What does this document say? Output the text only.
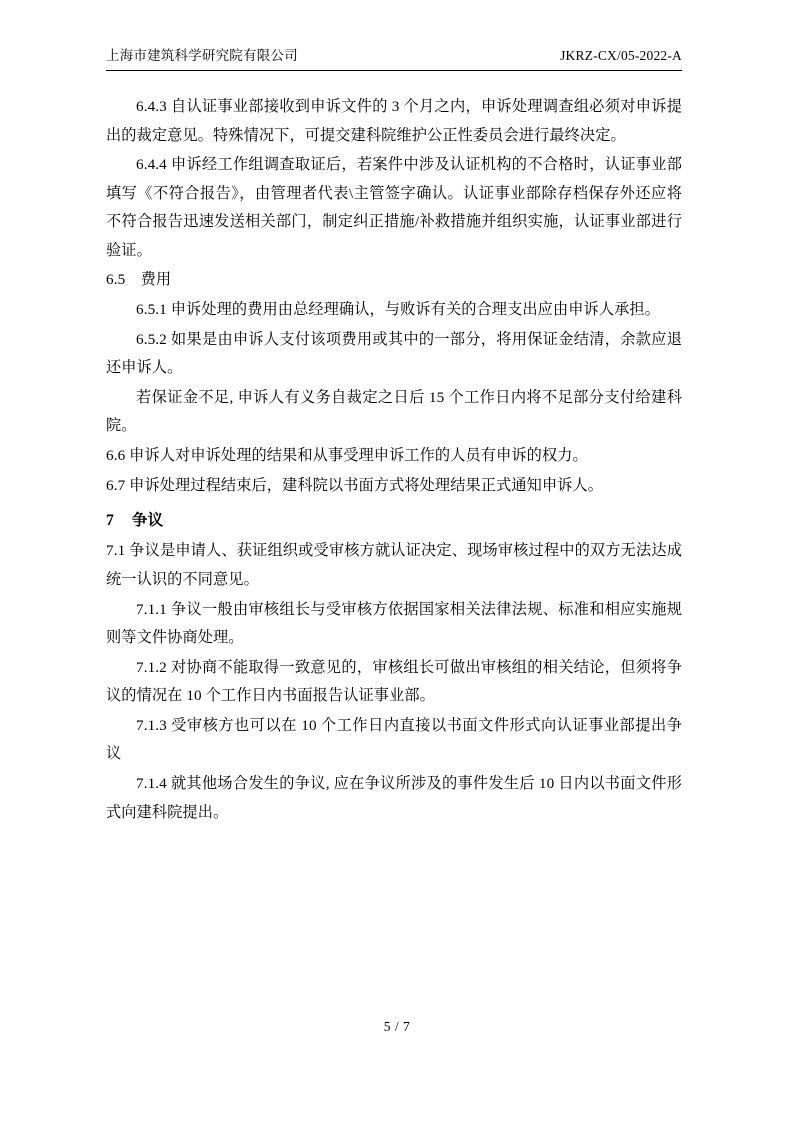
上海市建筑科学研究院有限公司	JKRZ-CX/05-2022-A

6.4.3 自认证事业部接收到申诉文件的 3 个月之内，申诉处理调查组必须对申诉提出的裁定意见。特殊情况下，可提交建科院维护公正性委员会进行最终决定。

6.4.4 申诉经工作组调查取证后，若案件中涉及认证机构的不合格时，认证事业部填写《不符合报告》，由管理者代表\主管签字确认。认证事业部除存档保存外还应将不符合报告迅速发送相关部门，制定纠正措施/补救措施并组织实施，认证事业部进行验证。

6.5　费用

6.5.1 申诉处理的费用由总经理确认，与败诉有关的合理支出应由申诉人承担。

6.5.2 如果是由申诉人支付该项费用或其中的一部分，将用保证金结清，余款应退还申诉人。

若保证金不足, 申诉人有义务自裁定之日后 15 个工作日内将不足部分支付给建科院。

6.6 申诉人对申诉处理的结果和从事受理申诉工作的人员有申诉的权力。

6.7 申诉处理过程结束后，建科院以书面方式将处理结果正式通知申诉人。

7 争议

7.1 争议是申请人、获证组织或受审核方就认证决定、现场审核过程中的双方无法达成统一认识的不同意见。

7.1.1 争议一般由审核组长与受审核方依据国家相关法律法规、标准和相应实施规则等文件协商处理。

7.1.2 对协商不能取得一致意见的，审核组长可做出审核组的相关结论，但须将争议的情况在 10 个工作日内书面报告认证事业部。

7.1.3 受审核方也可以在 10 个工作日内直接以书面文件形式向认证事业部提出争议

7.1.4 就其他场合发生的争议, 应在争议所涉及的事件发生后 10 日内以书面文件形式向建科院提出。

5 / 7
